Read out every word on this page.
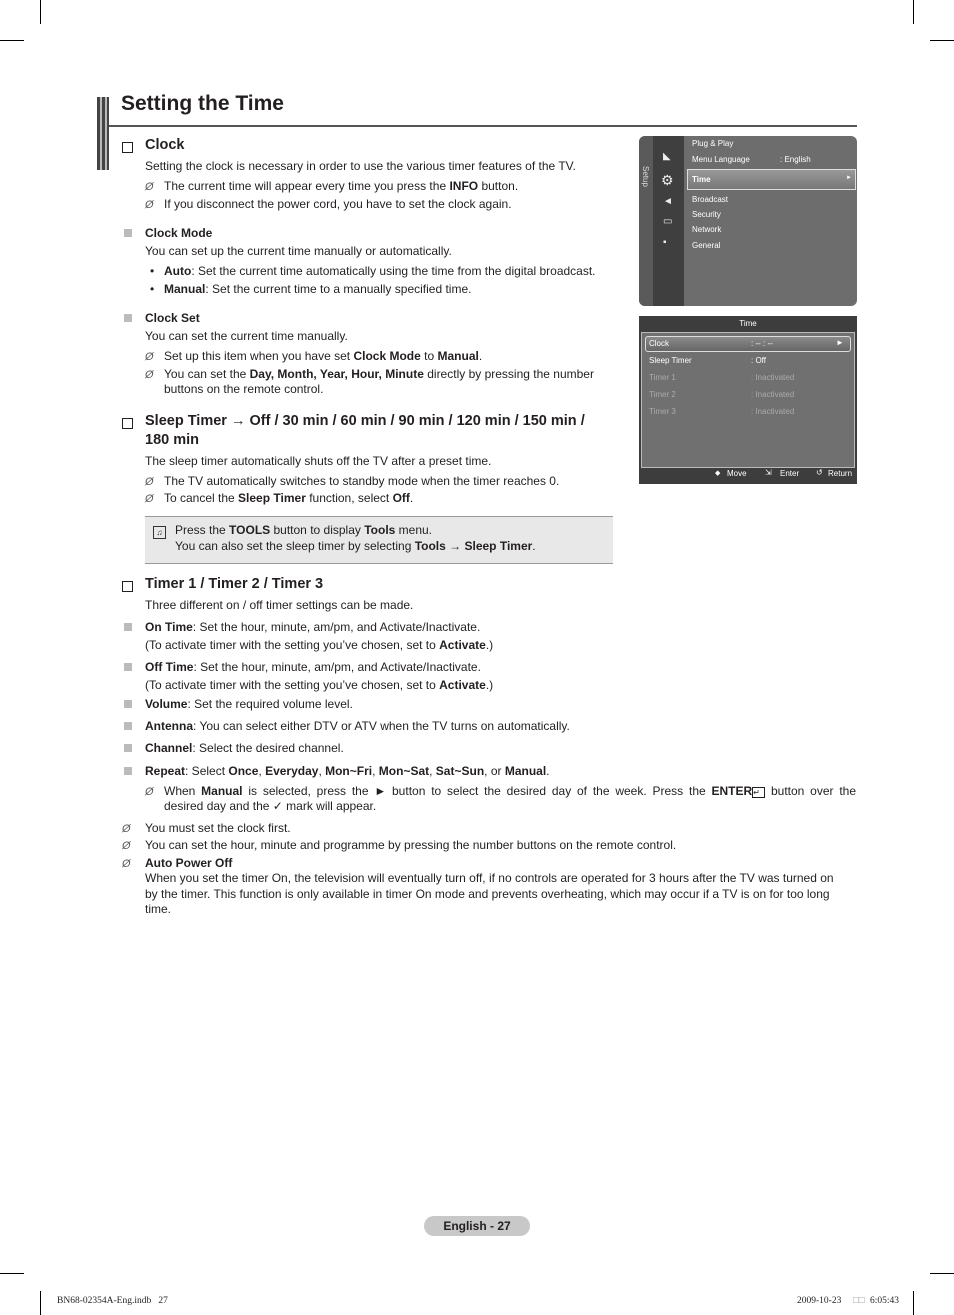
Setting the Time
Clock
Setting the clock is necessary in order to use the various timer features of the TV.
Ø The current time will appear every time you press the INFO button.
Ø If you disconnect the power cord, you have to set the clock again.
Clock Mode
You can set up the current time manually or automatically.
• Auto: Set the current time automatically using the time from the digital broadcast.
• Manual: Set the current time to a manually specified time.
Clock Set
You can set the current time manually.
Ø Set up this item when you have set Clock Mode to Manual.
Ø You can set the Day, Month, Year, Hour, Minute directly by pressing the number
buttons on the remote control.
Sleep Timer → Off / 30 min / 60 min / 90 min / 120 min / 150 min /
180 min
The sleep timer automatically shuts off the TV after a preset time.
Ø The TV automatically switches to standby mode when the timer reaches 0.
Ø To cancel the Sleep Timer function, select Off.
♫ Press the TOOLS button to display Tools menu.
You can also set the sleep timer by selecting Tools → Sleep Timer.
Timer 1 / Timer 2 / Timer 3
Three different on / off timer settings can be made.
On Time: Set the hour, minute, am/pm, and Activate/Inactivate.
(To activate timer with the setting you’ve chosen, set to Activate.)
Off Time: Set the hour, minute, am/pm, and Activate/Inactivate.
(To activate timer with the setting you’ve chosen, set to Activate.)
Volume: Set the required volume level.
Antenna: You can select either DTV or ATV when the TV turns on automatically.
Channel: Select the desired channel.
Repeat: Select Once, Everyday, Mon~Fri, Mon~Sat, Sat~Sun, or Manual.
Ø When Manual is selected, press the ► button to select the desired day of the week. Press the ENTER↵ button over the
desired day and the ✓ mark will appear.
Ø You must set the clock first.
Ø You can set the hour, minute and programme by pressing the number buttons on the remote control.
Ø Auto Power Off
When you set the timer On, the television will eventually turn off, if no controls are operated for 3 hours after the TV was turned on
by the timer. This function is only available in timer On mode and prevents overheating, which may occur if a TV is on for too long
time.
Setup
◣
⚙
◄
▭
▪
Plug & Play
Menu Language	: English
Time	►
Broadcast
Security
Network
General
Time
Clock	: -- : --	►
Sleep Timer	: Off
Timer 1	: Inactivated
Timer 2	: Inactivated
Timer 3	: Inactivated
◆ Move ⇲ Enter ↺ Return
English - 27
BN68-02354A-Eng.indb   27	2009-10-23 □□ 6:05:43
